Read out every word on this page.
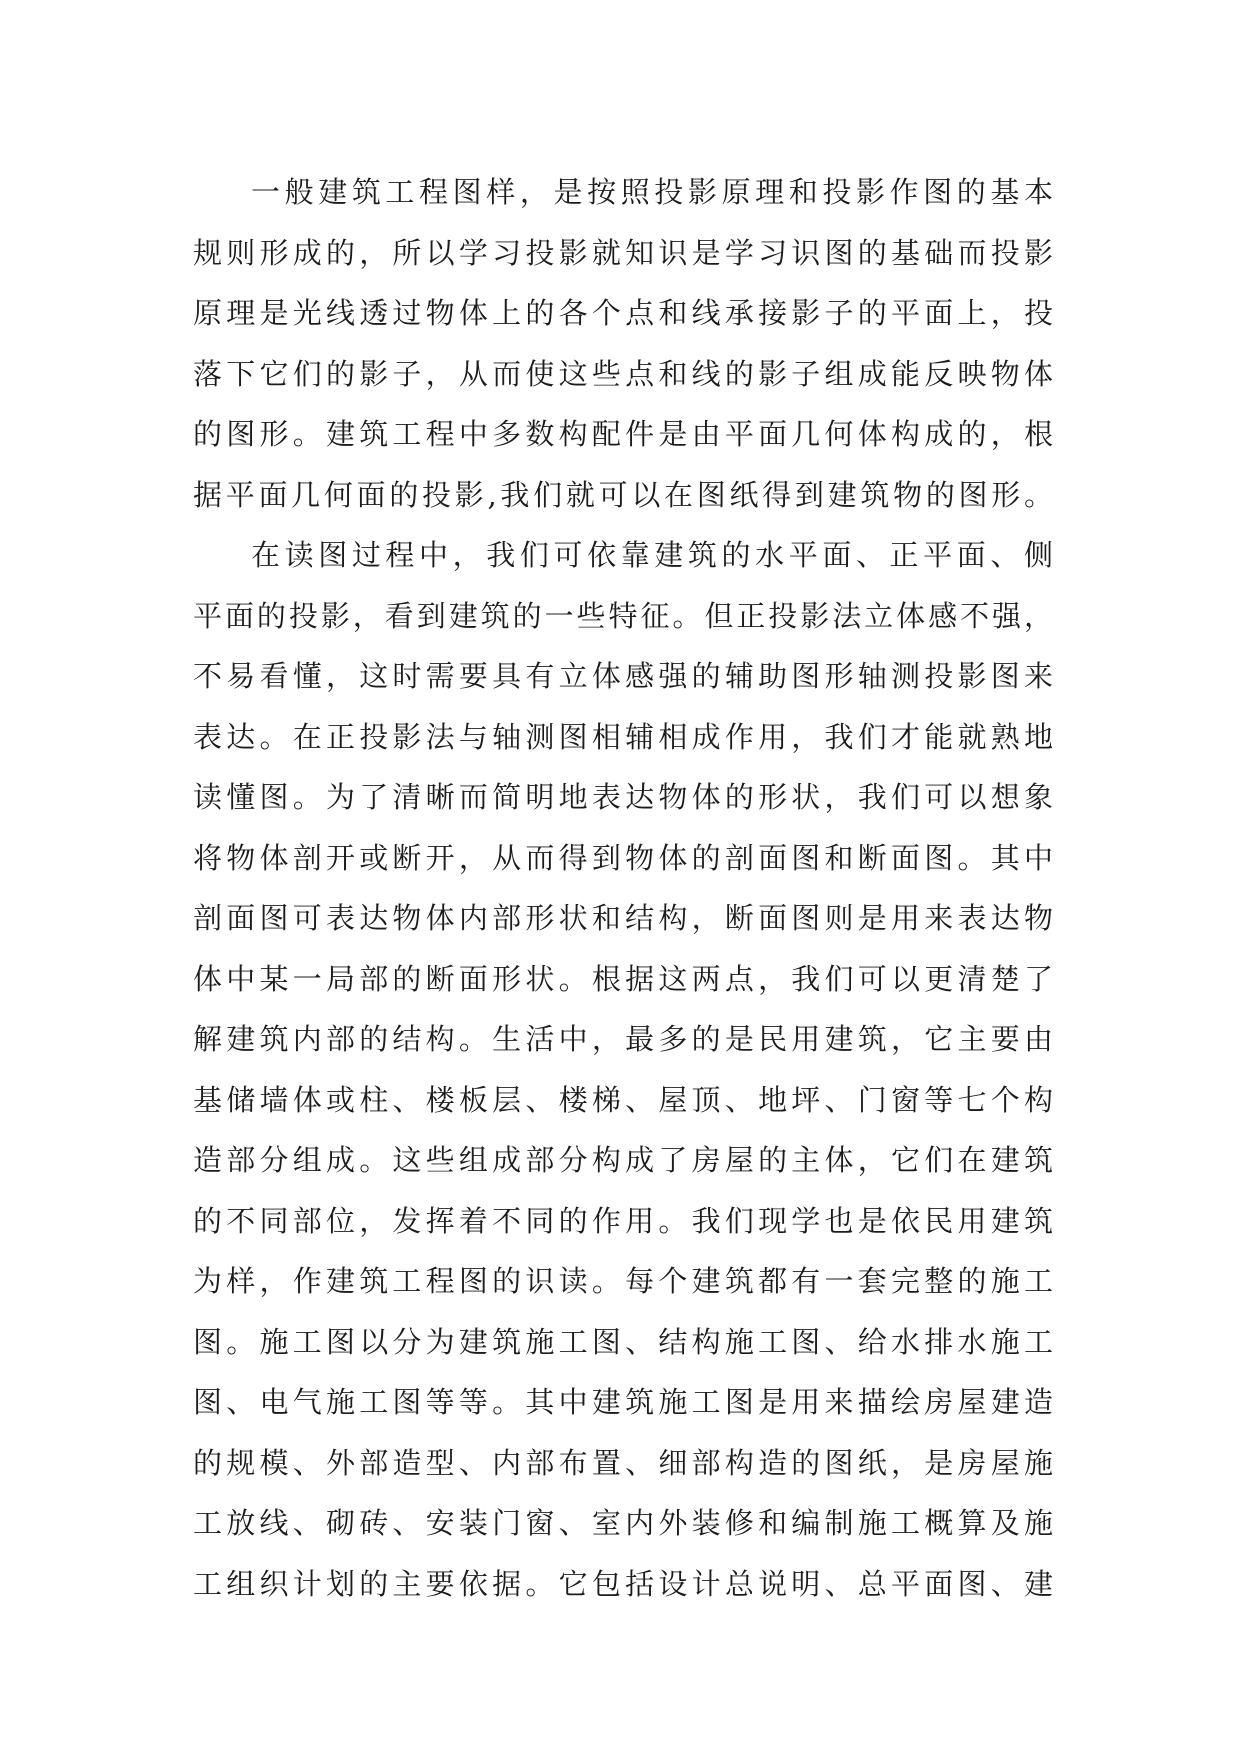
一般建筑工程图样，是按照投影原理和投影作图的基本
规则形成的，所以学习投影就知识是学习识图的基础而投影
原理是光线透过物体上的各个点和线承接影子的平面上，投
落下它们的影子，从而使这些点和线的影子组成能反映物体
的图形。建筑工程中多数构配件是由平面几何体构成的，根
据平面几何面的投影,我们就可以在图纸得到建筑物的图形。
在读图过程中，我们可依靠建筑的水平面、正平面、侧
平面的投影，看到建筑的一些特征。但正投影法立体感不强，
不易看懂，这时需要具有立体感强的辅助图形轴测投影图来
表达。在正投影法与轴测图相辅相成作用，我们才能就熟地
读懂图。为了清晰而简明地表达物体的形状，我们可以想象
将物体剖开或断开，从而得到物体的剖面图和断面图。其中
剖面图可表达物体内部形状和结构，断面图则是用来表达物
体中某一局部的断面形状。根据这两点，我们可以更清楚了
解建筑内部的结构。生活中，最多的是民用建筑，它主要由
基储墙体或柱、楼板层、楼梯、屋顶、地坪、门窗等七个构
造部分组成。这些组成部分构成了房屋的主体，它们在建筑
的不同部位，发挥着不同的作用。我们现学也是依民用建筑
为样，作建筑工程图的识读。每个建筑都有一套完整的施工
图。施工图以分为建筑施工图、结构施工图、给水排水施工
图、电气施工图等等。其中建筑施工图是用来描绘房屋建造
的规模、外部造型、内部布置、细部构造的图纸，是房屋施
工放线、砌砖、安装门窗、室内外装修和编制施工概算及施
工组织计划的主要依据。它包括设计总说明、总平面图、建
